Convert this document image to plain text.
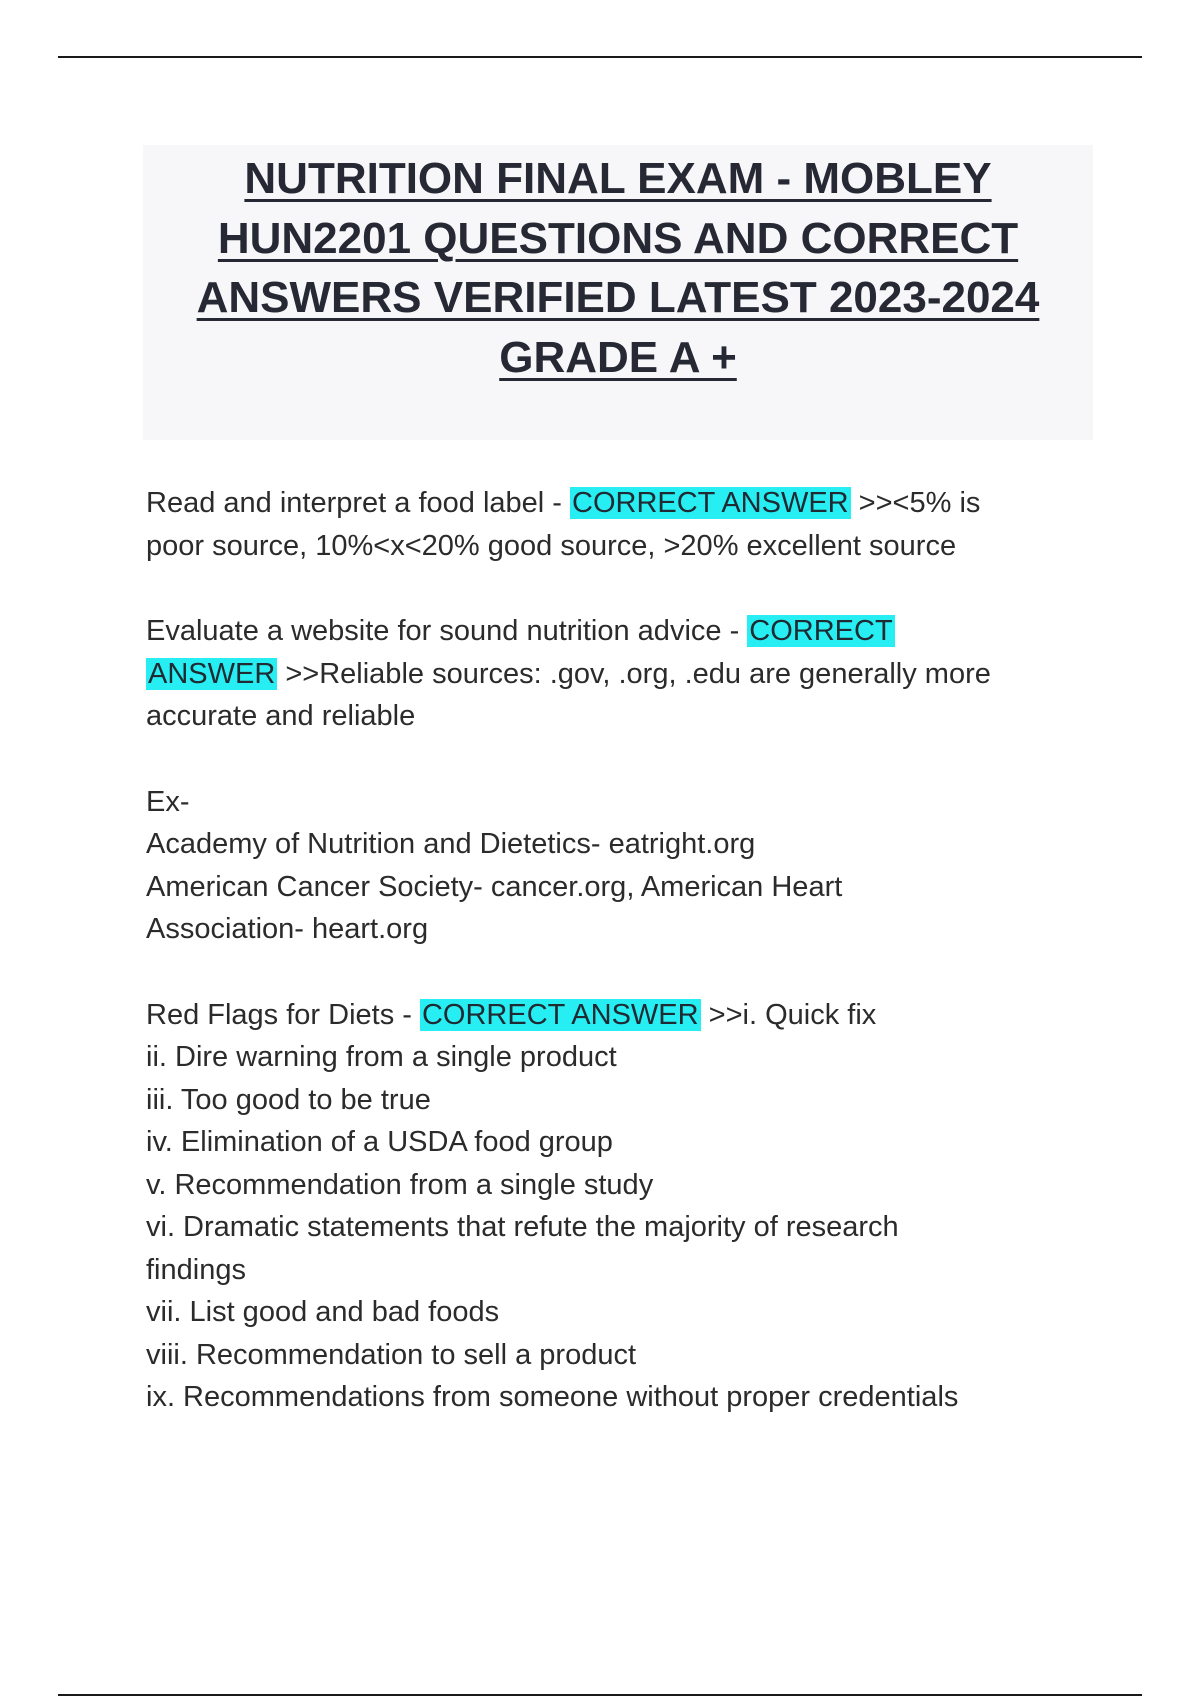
NUTRITION FINAL EXAM - MOBLEY
HUN2201 QUESTIONS AND CORRECT
ANSWERS VERIFIED LATEST 2023-2024
GRADE A +
Read and interpret a food label - CORRECT ANSWER >><5% is
poor source, 10%<x<20% good source, >20% excellent source
Evaluate a website for sound nutrition advice - CORRECT
ANSWER >>Reliable sources: .gov, .org, .edu are generally more
accurate and reliable
Ex-
Academy of Nutrition and Dietetics- eatright.org
American Cancer Society- cancer.org, American Heart
Association- heart.org
Red Flags for Diets - CORRECT ANSWER >>i. Quick fix
ii. Dire warning from a single product
iii. Too good to be true
iv. Elimination of a USDA food group
v. Recommendation from a single study
vi. Dramatic statements that refute the majority of research
findings
vii. List good and bad foods
viii. Recommendation to sell a product
ix. Recommendations from someone without proper credentials
